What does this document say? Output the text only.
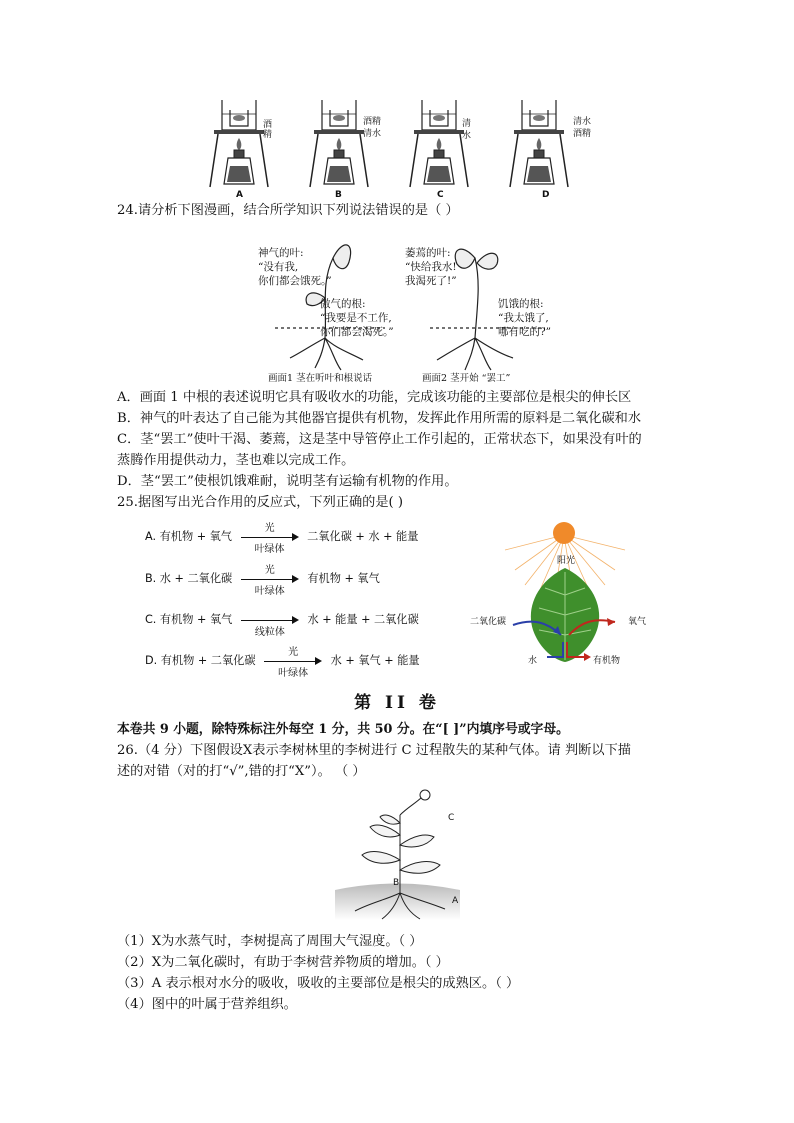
酒
精
酒精
清水
清
水
清水
酒精
A	B	C	D
24.请分析下图漫画，结合所学知识下列说法错误的是（ ）
神气的叶:
“没有我,
你们都会饿死。”
傲气的根:
“我要是不工作,
你们都会渴死。”
萎蔫的叶:
“快给我水!
我渴死了!”
饥饿的根:
“我太饿了,
哪有吃的?”
画面1 茎在听叶和根说话	画面2 茎开始 “罢工”
A．画面 1 中根的表述说明它具有吸收水的功能，完成该功能的主要部位是根尖的伸长区
B．神气的叶表达了自己能为其他器官提供有机物，发挥此作用所需的原料是二氧化碳和水
C．茎“罢工”使叶干渴、萎蔫，这是茎中导管停止工作引起的，正常状态下，如果没有叶的
蒸腾作用提供动力，茎也难以完成工作。
D．茎“罢工”使根饥饿难耐，说明茎有运输有机物的作用。
25.据图写出光合作用的反应式，下列正确的是( )
A. 有机物 + 氧气
光
叶绿体
二氧化碳 + 水 + 能量
B. 水 + 二氧化碳
光
叶绿体
有机物 + 氧气
C. 有机物 + 氧气
线粒体
水 + 能量 + 二氧化碳
D. 有机物 + 二氧化碳
光
叶绿体
水 + 氧气 + 能量
阳光
二氧化碳	氧气
水	有机物
第 II 卷
本卷共 9 小题，除特殊标注外每空 1 分，共 50 分。在“[ ]”内填序号或字母。
26.（4 分）下图假设X表示李树林里的李树进行 C 过程散失的某种气体。请 判断以下描
述的对错（对的打“√”,错的打“X”）。 （ ）
C
B
A
（1）X为水蒸气时，李树提高了周围大气湿度。（ ）
（2）X为二氧化碳时，有助于李树营养物质的增加。（ ）
（3）A 表示根对水分的吸收，吸收的主要部位是根尖的成熟区。（ ）
（4）图中的叶属于营养组织。
